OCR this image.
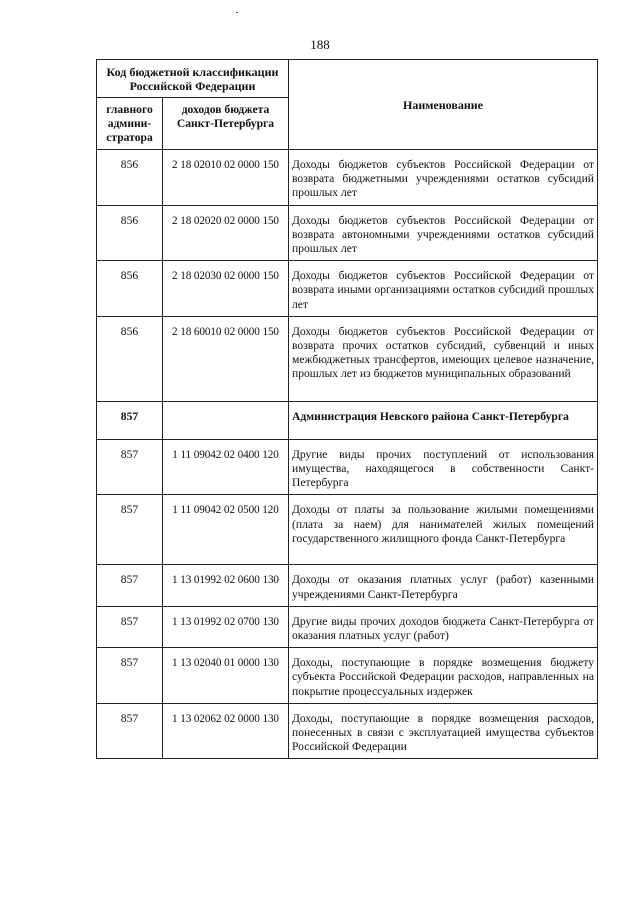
188
Код бюджетной классификации Российской Федерации		Наименование
главного админи-стратора	доходов бюджета Санкт-Петербурга	
856	2 18 02010 02 0000 150	Доходы бюджетов субъектов Российской Федерации от возврата бюджетными учреждениями остатков субсидий прошлых лет
856	2 18 02020 02 0000 150	Доходы бюджетов субъектов Российской Федерации от возврата автономными учреждениями остатков субсидий прошлых лет
856	2 18 02030 02 0000 150	Доходы бюджетов субъектов Российской Федерации от возврата иными организациями остатков субсидий прошлых лет
856	2 18 60010 02 0000 150	Доходы бюджетов субъектов Российской Федерации от возврата прочих остатков субсидий, субвенций и иных межбюджетных трансфертов, имеющих целевое назначение, прошлых лет из бюджетов муниципальных образований
857		Администрация Невского района Санкт-Петербурга
857	1 11 09042 02 0400 120	Другие виды прочих поступлений от использования имущества, находящегося в собственности Санкт-Петербурга
857	1 11 09042 02 0500 120	Доходы от платы за пользование жилыми помещениями (плата за наем) для нанимателей жилых помещений государственного жилищного фонда Санкт-Петербурга
857	1 13 01992 02 0600 130	Доходы от оказания платных услуг (работ) казенными учреждениями Санкт-Петербурга
857	1 13 01992 02 0700 130	Другие виды прочих доходов бюджета Санкт-Петербурга от оказания платных услуг (работ)
857	1 13 02040 01 0000 130	Доходы, поступающие в порядке возмещения бюджету субъекта Российской Федерации расходов, направленных на покрытие процессуальных издержек
857	1 13 02062 02 0000 130	Доходы, поступающие в порядке возмещения расходов, понесенных в связи с эксплуатацией имущества субъектов Российской Федерации
